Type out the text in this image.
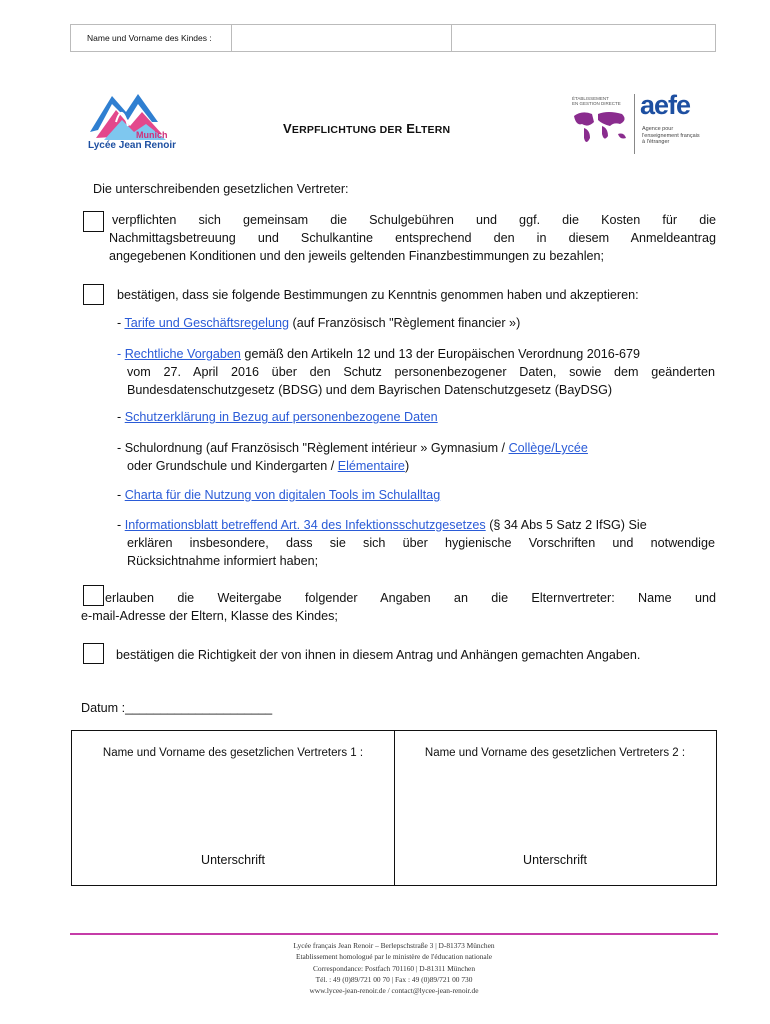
Name und Vorname des Kindes :
Munich
Lycée Jean Renoir
VERPFLICHTUNG DER ELTERN
ÉTABLISSEMENT
EN GESTION DIRECTE aefe
Agence pour
l'enseignement français
à l'étranger
Die unterschreibenden gesetzlichen Vertreter:
verpflichten sich gemeinsam die Schulgebühren und ggf. die Kosten für die
Nachmittagsbetreuung und Schulkantine entsprechend den in diesem Anmeldeantrag
angegebenen Konditionen und den jeweils geltenden Finanzbestimmungen zu bezahlen;
bestätigen, dass sie folgende Bestimmungen zu Kenntnis genommen haben und akzeptieren:
- Tarife und Geschäftsregelung (auf Französisch "Règlement financier »)
- Rechtliche Vorgaben gemäß den Artikeln 12 und 13 der Europäischen Verordnung 2016-679
vom 27. April 2016 über den Schutz personenbezogener Daten, sowie dem geänderten
Bundesdatenschutzgesetz (BDSG) und dem Bayrischen Datenschutzgesetz (BayDSG)
- Schutzerklärung in Bezug auf personenbezogene Daten
- Schulordnung (auf Französisch "Règlement intérieur » Gymnasium / Collège/Lycée
oder Grundschule und Kindergarten / Elémentaire)
- Charta für die Nutzung von digitalen Tools im Schulalltag
- Informationsblatt betreffend Art. 34 des Infektionsschutzgesetzes (§ 34 Abs 5 Satz 2 IfSG) Sie
erklären insbesondere, dass sie sich über hygienische Vorschriften und notwendige
Rücksichtnahme informiert haben;
erlauben die Weitergabe folgender Angaben an die Elternvertreter: Name und
e-mail-Adresse der Eltern, Klasse des Kindes;
bestätigen die Richtigkeit der von ihnen in diesem Antrag und Anhängen gemachten Angaben.
Datum :_____________________
Name und Vorname des gesetzlichen Vertreters 1 :	Name und Vorname des gesetzlichen Vertreters 2 :
Unterschrift	Unterschrift
Lycée français Jean Renoir – Berlepschstraße 3 | D-81373 München
Etablissement homologué par le ministère de l'éducation nationale
Correspondance: Postfach 701160 | D-81311 München
Tél. : 49 (0)89/721 00 70 | Fax : 49 (0)89/721 00 730
www.lycee-jean-renoir.de / contact@lycee-jean-renoir.de
